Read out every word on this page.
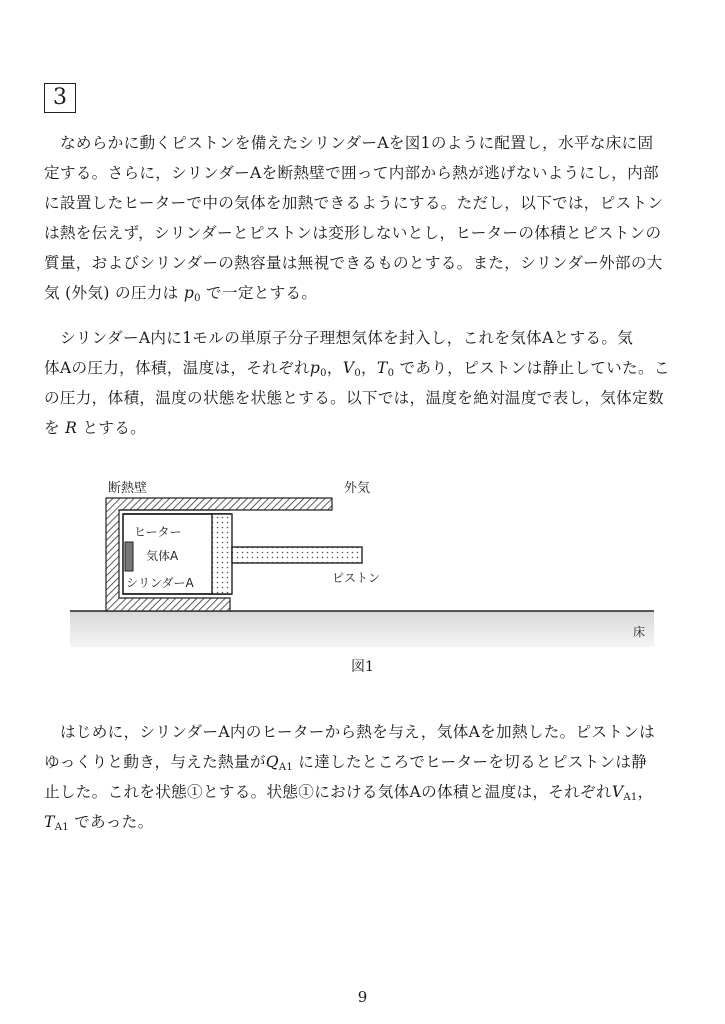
3
なめらかに動くピストンを備えたシリンダーAを図1のように配置し，水平な床に固
定する。さらに，シリンダーAを断熱壁で囲って内部から熱が逃げないようにし，内部
に設置したヒーターで中の気体を加熱できるようにする。ただし，以下では，ピストン
は熱を伝えず，シリンダーとピストンは変形しないとし，ヒーターの体積とピストンの
質量，およびシリンダーの熱容量は無視できるものとする。また，シリンダー外部の大
気 (外気) の圧力は $p_0$ で一定とする。
シリンダーA内に1モルの単原子分子理想気体を封入し，これを気体Aとする。気
体Aの圧力，体積，温度は，それぞれ$p_0$，$V_0$，$T_0$ であり，ピストンは静止していた。こ
の圧力，体積，温度の状態を状態とする。以下では，温度を絶対温度で表し，気体定数
を R とする。
断熱壁	外気
ヒーター
気体A
シリンダーA	ピストン
床
図1
はじめに，シリンダーA内のヒーターから熱を与え，気体Aを加熱した。ピストンは
ゆっくりと動き，与えた熱量が$Q_{A1}$ に達したところでヒーターを切るとピストンは静
止した。これを状態①とする。状態①における気体Aの体積と温度は，それぞれ$V_{A1}$，
$T_{A1}$ であった。
9
